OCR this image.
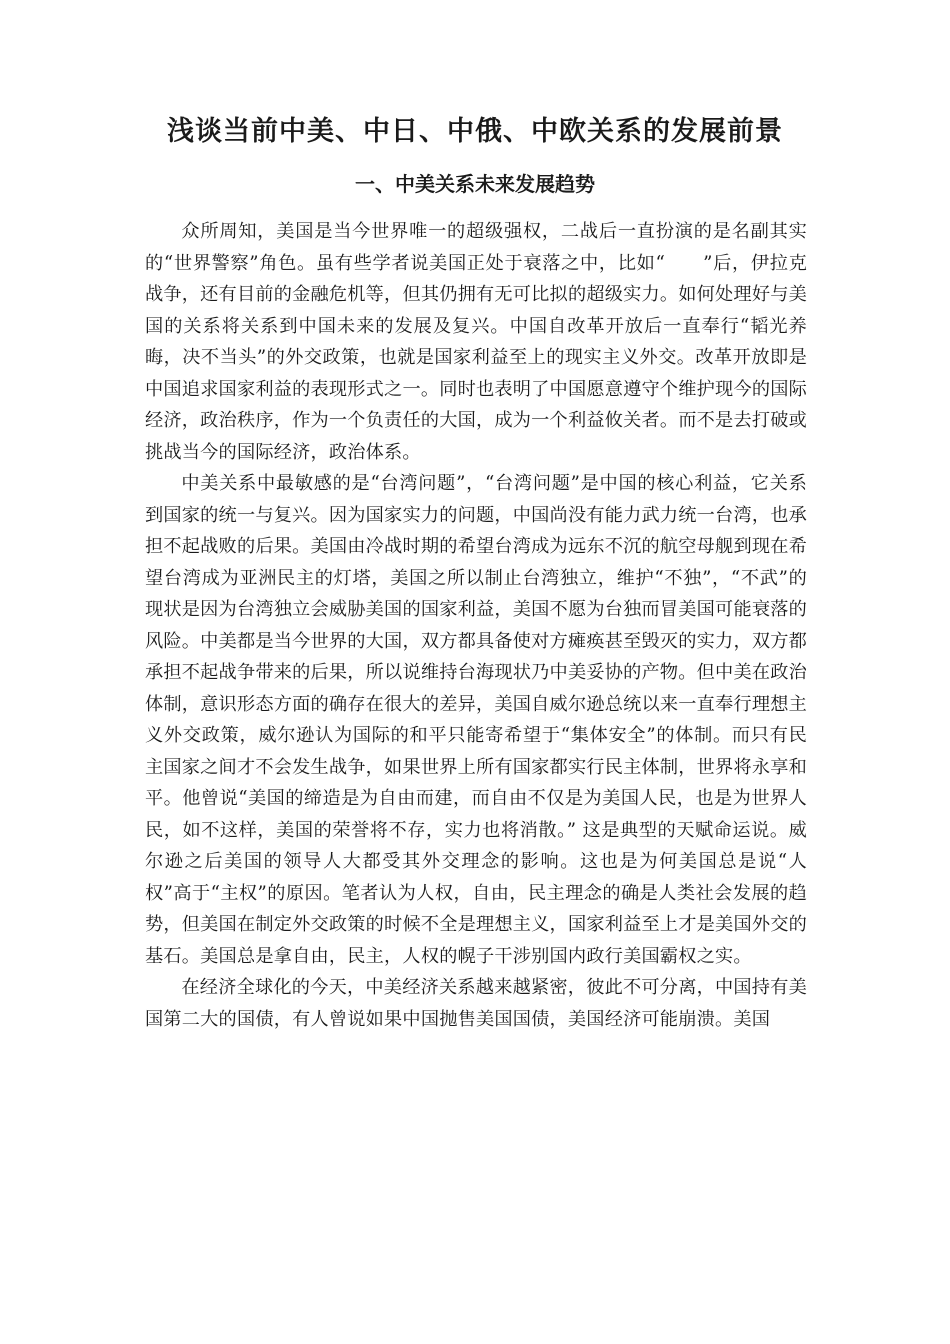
浅谈当前中美、中日、中俄、中欧关系的发展前景
一、中美关系未来发展趋势

众所周知，美国是当今世界唯一的超级强权，二战后一直扮演的是名副其实的“世界警察”角色。虽有些学者说美国正处于衰落之中，比如“　　”后，伊拉克战争，还有目前的金融危机等，但其仍拥有无可比拟的超级实力。如何处理好与美国的关系将关系到中国未来的发展及复兴。中国自改革开放后一直奉行“韬光养晦，决不当头”的外交政策，也就是国家利益至上的现实主义外交。改革开放即是中国追求国家利益的表现形式之一。同时也表明了中国愿意遵守个维护现今的国际经济，政治秩序，作为一个负责任的大国，成为一个利益攸关者。而不是去打破或挑战当今的国际经济，政治体系。

中美关系中最敏感的是“台湾问题”，“台湾问题”是中国的核心利益，它关系到国家的统一与复兴。因为国家实力的问题，中国尚没有能力武力统一台湾，也承担不起战败的后果。美国由冷战时期的希望台湾成为远东不沉的航空母舰到现在希望台湾成为亚洲民主的灯塔，美国之所以制止台湾独立，维护“不独”，“不武”的现状是因为台湾独立会威胁美国的国家利益，美国不愿为台独而冒美国可能衰落的风险。中美都是当今世界的大国，双方都具备使对方瘫痪甚至毁灭的实力，双方都承担不起战争带来的后果，所以说维持台海现状乃中美妥协的产物。但中美在政治体制，意识形态方面的确存在很大的差异，美国自威尔逊总统以来一直奉行理想主义外交政策，威尔逊认为国际的和平只能寄希望于“集体安全”的体制。而只有民主国家之间才不会发生战争，如果世界上所有国家都实行民主体制，世界将永享和平。他曾说“美国的缔造是为自由而建，而自由不仅是为美国人民，也是为世界人民，如不这样，美国的荣誉将不存，实力也将消散。” 这是典型的天赋命运说。威尔逊之后美国的领导人大都受其外交理念的影响。这也是为何美国总是说“人权”高于“主权”的原因。笔者认为人权，自由，民主理念的确是人类社会发展的趋势，但美国在制定外交政策的时候不全是理想主义，国家利益至上才是美国外交的基石。美国总是拿自由，民主，人权的幌子干涉别国内政行美国霸权之实。

在经济全球化的今天，中美经济关系越来越紧密，彼此不可分离，中国持有美国第二大的国债，有人曾说如果中国抛售美国国债，美国经济可能崩溃。美国
